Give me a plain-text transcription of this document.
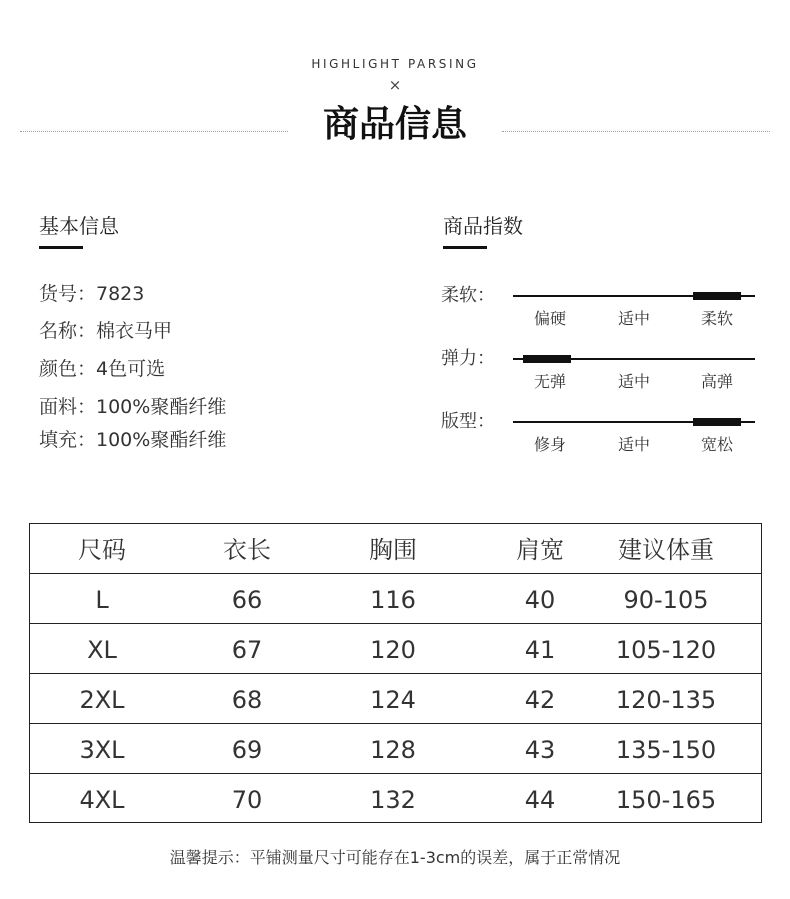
HIGHLIGHT PARSING
×
商品信息
基本信息
货号：7823
名称：棉衣马甲
颜色：4色可选
面料：100%聚酯纤维
填充：100%聚酯纤维
商品指数
柔软：
偏硬	适中	柔软
弹力：
无弹	适中	高弹
版型：
修身	适中	宽松
尺码	衣长	胸围	肩宽	建议体重
L	66	116	40	90-105
XL	67	120	41	105-120
2XL	68	124	42	120-135
3XL	69	128	43	135-150
4XL	70	132	44	150-165
温馨提示：平铺测量尺寸可能存在1-3cm的误差，属于正常情况
